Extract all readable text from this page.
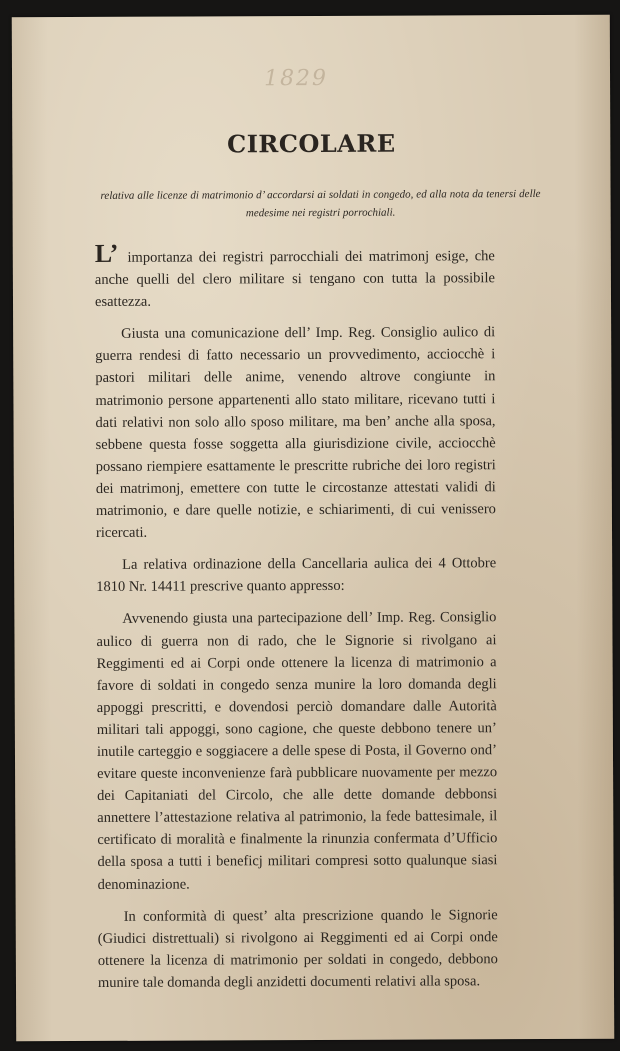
1829
CIRCOLARE
relativa alle licenze di matrimonio d’ accordarsi ai soldati in congedo, ed alla nota da tenersi delle medesime nei registri porrochiali.

L’ importanza dei registri parrocchiali dei matrimonj esige, che anche quelli del clero militare si tengano con tutta la possibile esattezza.

Giusta una comunicazione dell’ Imp. Reg. Consiglio aulico di guerra rendesi di fatto necessario un provvedimento, acciocchè i pastori militari delle anime, venendo altrove congiunte in matrimonio persone appartenenti allo stato militare, ricevano tutti i dati relativi non solo allo sposo militare, ma ben’ anche alla sposa, sebbene questa fosse soggetta alla giurisdizione civile, acciocchè possano riempiere esattamente le prescritte rubriche dei loro registri dei matrimonj, emettere con tutte le circostanze attestati validi di matrimonio, e dare quelle notizie, e schiarimenti, di cui venissero ricercati.

La relativa ordinazione della Cancellaria aulica dei 4 Ottobre 1810 Nr. 14411 prescrive quanto appresso:

Avvenendo giusta una partecipazione dell’ Imp. Reg. Consiglio aulico di guerra non di rado, che le Signorie si rivolgano ai Reggimenti ed ai Corpi onde ottenere la licenza di matrimonio a favore di soldati in congedo senza munire la loro domanda degli appoggi prescritti, e dovendosi perciò domandare dalle Autorità militari tali appoggi, sono cagione, che queste debbono tenere un’ inutile carteggio e soggiacere a delle spese di Posta, il Governo ond’ evitare queste inconvenienze farà pubblicare nuovamente per mezzo dei Capitaniati del Circolo, che alle dette domande debbonsi annettere l’attestazione relativa al patrimonio, la fede battesimale, il certificato di moralità e finalmente la rinunzia confermata d’Ufficio della sposa a tutti i beneficj militari compresi sotto qualunque siasi denominazione.

In conformità di quest’ alta prescrizione quando le Signorie (Giudici distrettuali) si rivolgono ai Reggimenti ed ai Corpi onde ottenere la licenza di matrimonio per soldati in congedo, debbono munire tale domanda degli anzidetti documenti relativi alla sposa.
